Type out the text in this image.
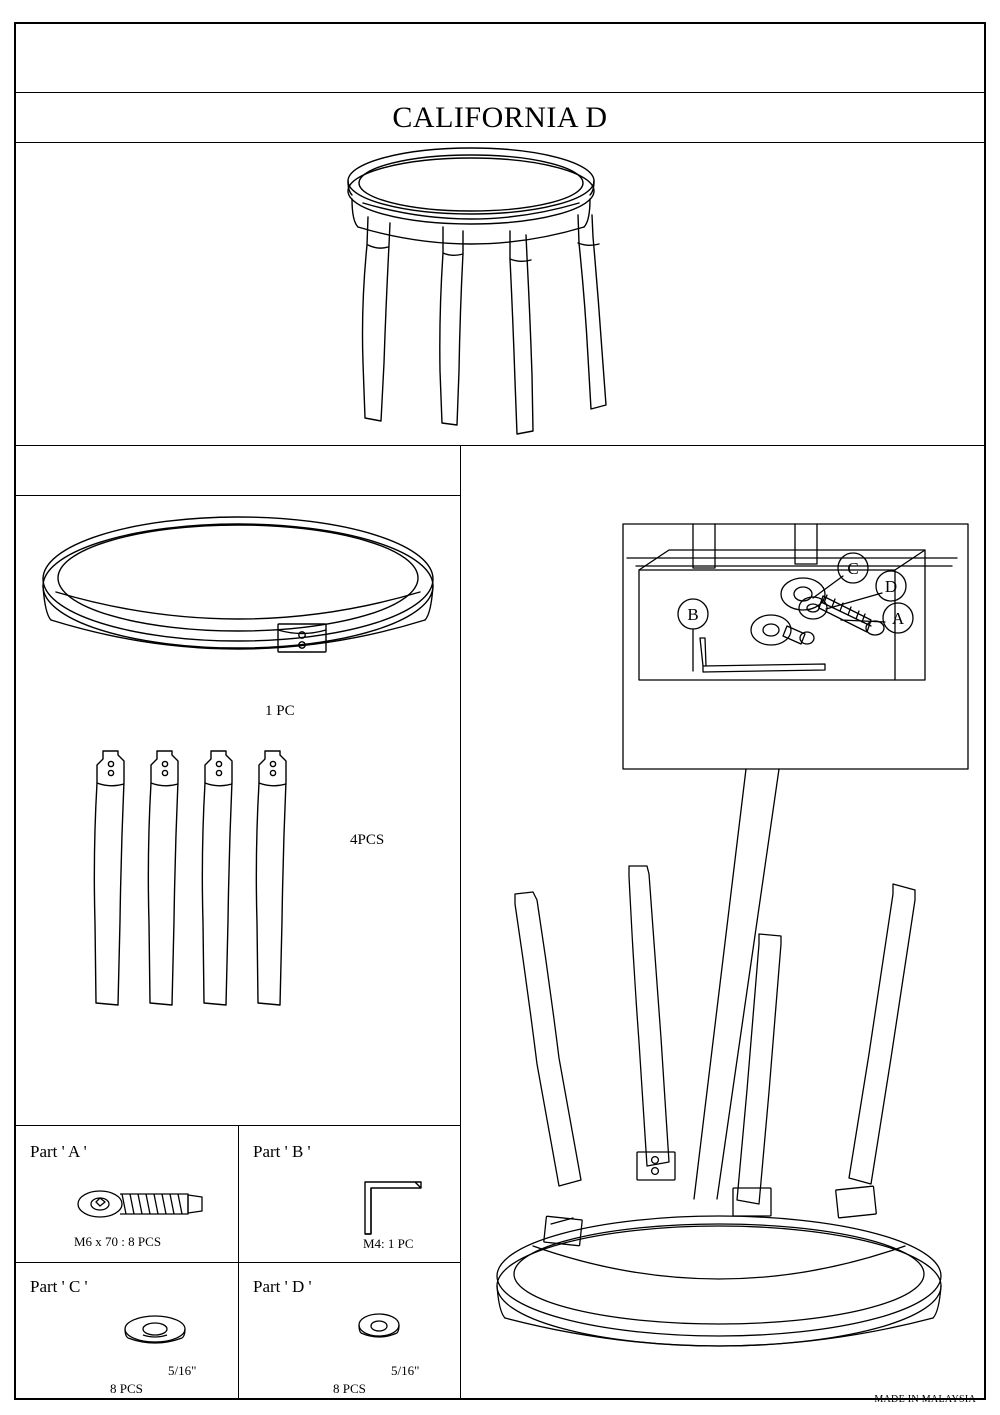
CALIFORNIA D
1 PC
4PCS
Part ' A '
M6 x 70 : 8 PCS
Part ' B '
M4: 1 PC
Part ' C '
5/16"
8 PCS
Part ' D '
5/16"
8 PCS
B
C
D
A
MADE IN MALAYSIA
